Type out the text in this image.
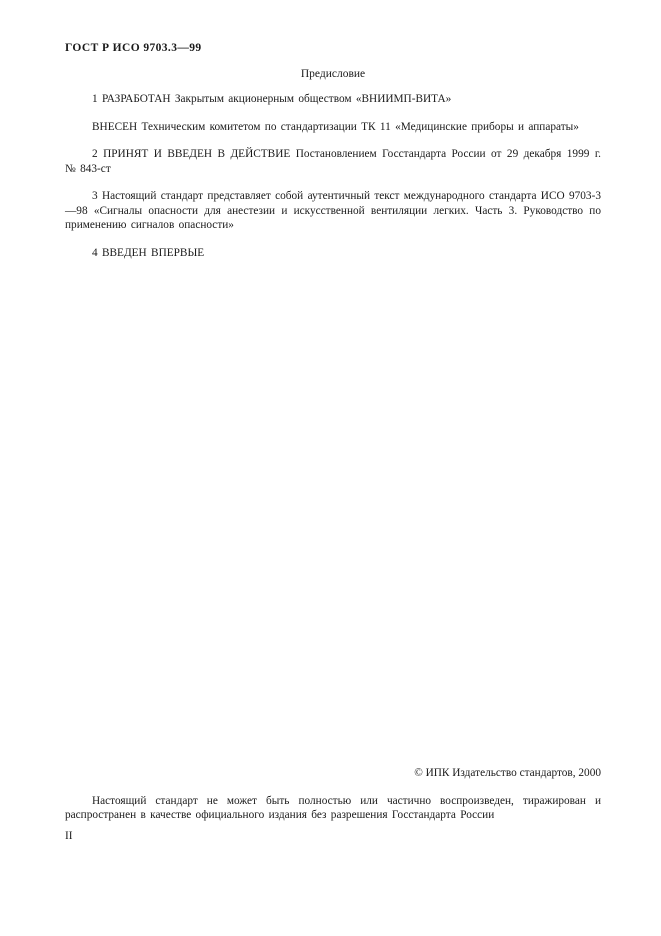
ГОСТ Р ИСО 9703.3—99

Предисловие

1 РАЗРАБОТАН Закрытым акционерным обществом «ВНИИМП-ВИТА»

ВНЕСЕН Техническим комитетом по стандартизации ТК 11 «Медицинские приборы и аппараты»

2 ПРИНЯТ И ВВЕДЕН В ДЕЙСТВИЕ Постановлением Госстандарта России от 29 декабря 1999 г. № 843-ст

3 Настоящий стандарт представляет собой аутентичный текст международного стандарта ИСО 9703-3—98 «Сигналы опасности для анестезии и искусственной вентиляции легких. Часть 3. Руководство по применению сигналов опасности»

4 ВВЕДЕН ВПЕРВЫЕ

© ИПК Издательство стандартов, 2000

Настоящий стандарт не может быть полностью или частично воспроизведен, тиражирован и распространен в качестве официального издания без разрешения Госстандарта России

II
